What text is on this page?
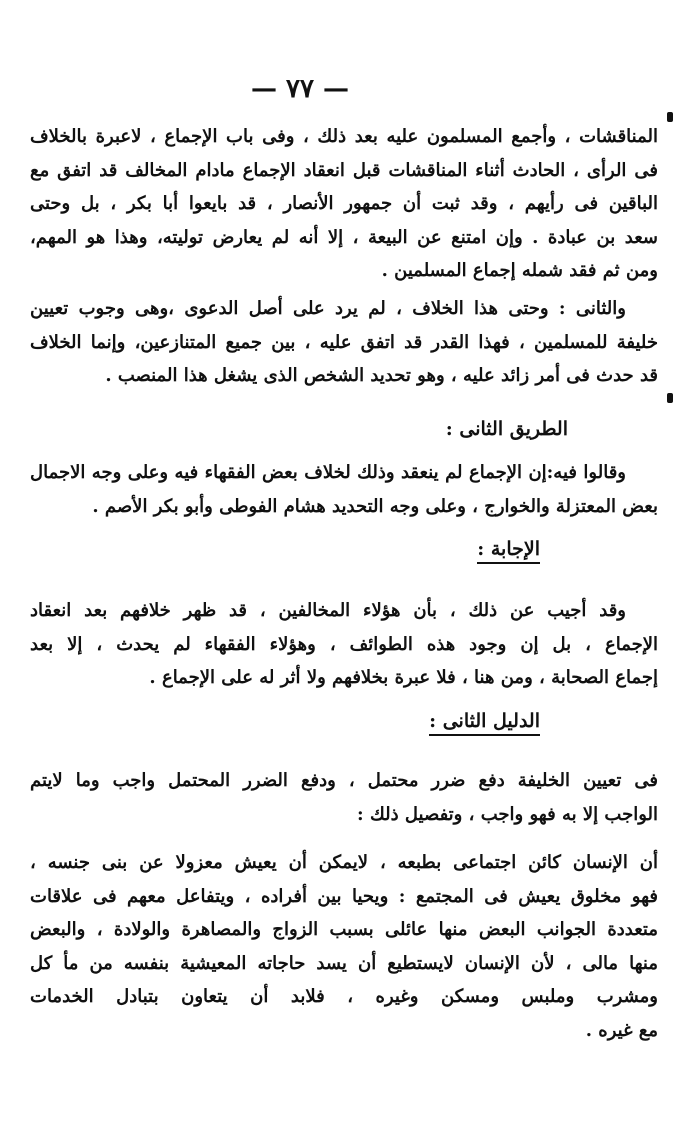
— ٧٧ —
المناقشات ، وأجمع المسلمون عليه بعد ذلك ، وفى باب الإجماع ، لاعبرة بالخلاف
فى الرأى ، الحادث أثناء المناقشات قبل انعقاد الإجماع مادام المخالف قد اتفق مع
الباقين فى رأيهم ، وقد ثبت أن جمهور الأنصار ، قد بايعوا أبا بكر ، بل وحتى
سعد بن عبادة . وإن امتنع عن البيعة ، إلا أنه لم يعارض توليته، وهذا هو المهم،
ومن ثم فقد شمله إجماع المسلمين .
والثانى : وحتى هذا الخلاف ، لم يرد على أصل الدعوى ،وهى وجوب تعيين
خليفة للمسلمين ، فهذا القدر قد اتفق عليه ، بين جميع المتنازعين، وإنما الخلاف
قد حدث فى أمر زائد عليه ، وهو تحديد الشخص الذى يشغل هذا المنصب .
الطريق الثانى :
وقالوا فيه:إن الإجماع لم ينعقد وذلك لخلاف بعض الفقهاء فيه وعلى وجه الاجمال
بعض المعتزلة والخوارج ، وعلى وجه التحديد هشام الفوطى وأبو بكر الأصم .
الإجابة :
وقد أجيب عن ذلك ، بأن هؤلاء المخالفين ، قد ظهر خلافهم بعد انعقاد
الإجماع ، بل إن وجود هذه الطوائف ، وهؤلاء الفقهاء لم يحدث ، إلا بعد
إجماع الصحابة ، ومن هنا ، فلا عبرة بخلافهم ولا أثر له على الإجماع .
الدليل الثانى :
فى تعيين الخليفة دفع ضرر محتمل ، ودفع الضرر المحتمل واجب وما لايتم
الواجب إلا به فهو واجب ، وتفصيل ذلك :
أن الإنسان كائن اجتماعى بطبعه ، لايمكن أن يعيش معزولا عن بنى جنسه ،
فهو مخلوق يعيش فى المجتمع : ويحيا بين أفراده ، ويتفاعل معهم فى علاقات
متعددة الجوانب البعض منها عائلى بسبب الزواج والمصاهرة والولادة ، والبعض
منها مالى ، لأن الإنسان لايستطيع أن يسد حاجاته المعيشية بنفسه من مأ كل
ومشرب وملبس ومسكن وغيره ، فلابد أن يتعاون بتبادل الخدمات
مع غيره .
